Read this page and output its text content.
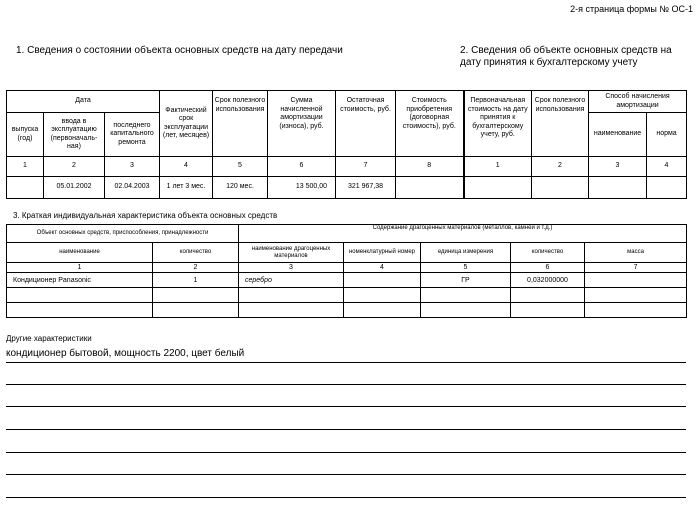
2-я страница формы № ОС-1
1. Сведения о состоянии объекта основных средств на дату передачи	2. Сведения об объекте основных средств на дату принятия к бухгалтерскому учету
Дата			Фактический срок эксплуатации (лет, месяцев)	Срок полезного использования	Сумма начисленной амортизации (износа), руб.	Остаточная стоимость, руб.	Стоимость приобретения (договорная стоимость), руб.	Первоначальная стоимость на дату принятия к бухгалтерскому учету, руб.	Срок полезного использования	Способ начисления амортизации	
выпуска (год)	ввода в эксплуатацию (первоначаль-ная)	последнего капитального ремонта								наименование	норма
1	2	3	4	5	6	7	8	1	2	3	4
	05.01.2002	02.04.2003	1 лет 3 мес.	120 мес.	13 500,00	321 967,38					
3. Краткая индивидуальная характеристика объекта основных средств
Объект основных средств, приспособления, принадлежности		Содержание драгоценных материалов (металлов, камней и т.д.)				
наименование	количество	наименование драгоценных материалов	номенклатурный номер	единица измерения	количество	масса
1	2	3	4	5	6	7
Кондиционер Panasonic	1	серебро		ГР	0,032000000	

Другие характеристики
кондиционер бытовой, мощность 2200, цвет белый
